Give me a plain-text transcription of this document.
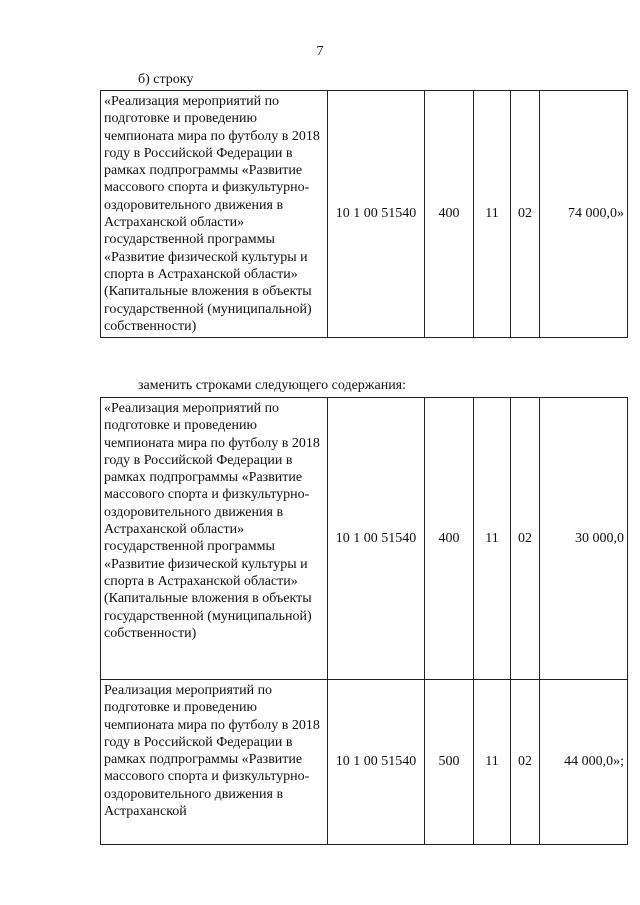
7
б) строку
«Реализация мероприятий по подготовке и проведению чемпионата мира по футболу в 2018 году в Российской Федерации в рамках подпрограммы «Развитие массового спорта и физкультурно-оздоровительного движения в Астраханской области» государственной программы «Развитие физической культуры и спорта в Астраханской области» (Капитальные вложения в объекты государственной (муниципальной) собственности)	10 1 00 51540	400	11	02	74 000,0»
заменить строками следующего содержания:
«Реализация мероприятий по подготовке и проведению чемпионата мира по футболу в 2018 году в Российской Федерации в рамках подпрограммы «Развитие массового спорта и физкультурно-оздоровительного движения в Астраханской области» государственной программы «Развитие физической культуры и спорта в Астраханской области» (Капитальные вложения в объекты государственной (муниципальной) собственности)	10 1 00 51540	400	11	02	30 000,0
Реализация мероприятий по подготовке и проведению чемпионата мира по футболу в 2018 году в Российской Федерации в рамках подпрограммы «Развитие массового спорта и физкультурно-оздоровительного движения в Астраханской	10 1 00 51540	500	11	02	44 000,0»;
